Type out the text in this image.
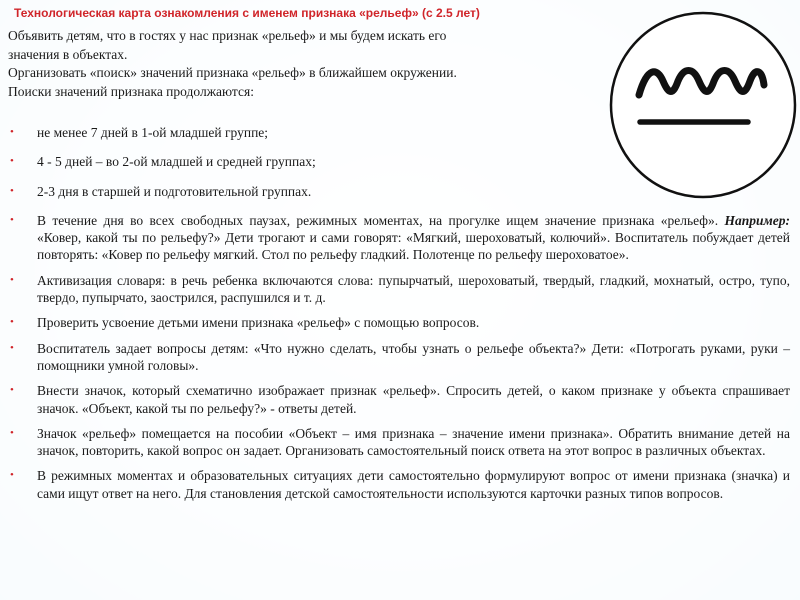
Технологическая карта ознакомления с именем признака «рельеф» (с 2.5 лет)

Объявить детям, что в гостях у нас признак «рельеф» и мы будем искать его

значения в объектах.

Организовать «поиск» значений признака «рельеф» в ближайшем окружении.

Поиски значений признака продолжаются:

• не менее 7 дней в 1-ой младшей группе;
• 4 - 5 дней – во 2-ой младшей и средней группах;
• 2-3 дня в старшей и подготовительной группах.
• В течение дня во всех свободных паузах, режимных моментах, на прогулке ищем значение признака «рельеф». Например: «Ковер, какой ты по рельефу?» Дети трогают и сами говорят: «Мягкий, шероховатый, колючий». Воспитатель побуждает детей повторять: «Ковер по рельефу мягкий. Стол по рельефу гладкий. Полотенце по рельефу шероховатое».
• Активизация словаря: в речь ребенка включаются слова: пупырчатый, шероховатый, твердый, гладкий, мохнатый, остро, тупо, твердо, пупырчато, заострился, распушился и т. д.
• Проверить усвоение детьми имени признака «рельеф» с помощью вопросов.
• Воспитатель задает вопросы детям: «Что нужно сделать, чтобы узнать о рельефе объекта?» Дети: «Потрогать руками, руки – помощники умной головы».
• Внести значок, который схематично изображает признак «рельеф». Спросить детей, о каком признаке у объекта спрашивает значок. «Объект, какой ты по рельефу?» - ответы детей.
• Значок «рельеф» помещается на пособии «Объект – имя признака – значение имени признака». Обратить внимание детей на значок, повторить, какой вопрос он задает. Организовать самостоятельный поиск ответа на этот вопрос в различных объектах.
• В режимных моментах и образовательных ситуациях дети самостоятельно формулируют вопрос от имени признака (значка) и сами ищут ответ на него. Для становления детской самостоятельности используются карточки разных типов вопросов.
